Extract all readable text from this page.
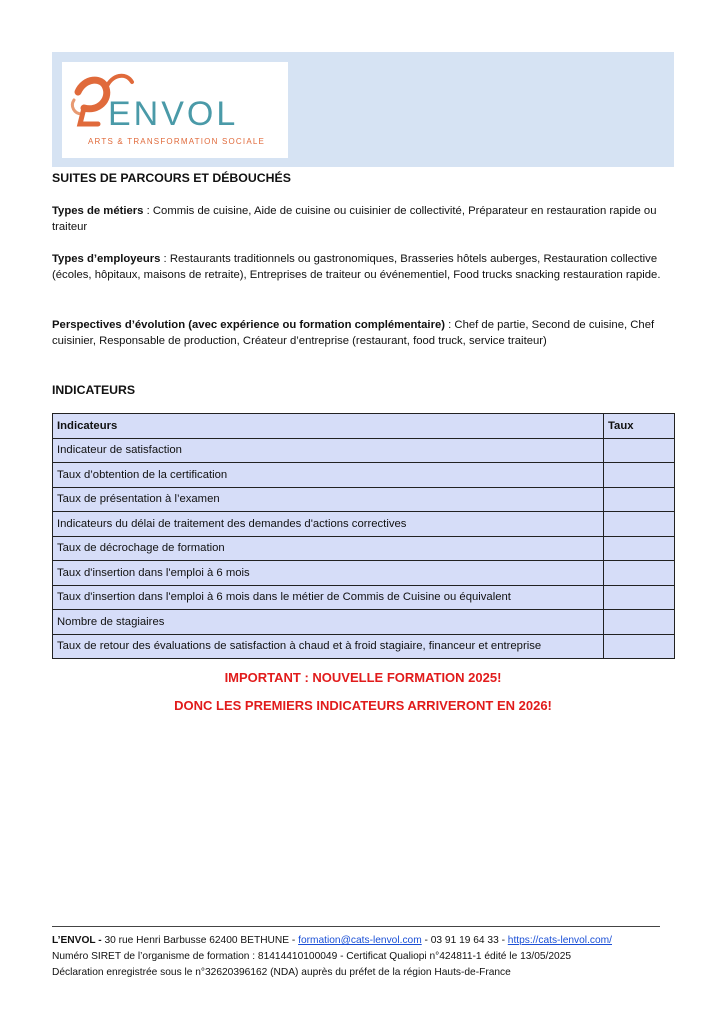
ENVOL
ARTS & TRANSFORMATION SOCIALE

SUITES DE PARCOURS ET DÉBOUCHÉS

Types de métiers : Commis de cuisine, Aide de cuisine ou cuisinier de collectivité, Préparateur en restauration rapide ou traiteur

Types d’employeurs : Restaurants traditionnels ou gastronomiques, Brasseries hôtels auberges, Restauration collective (écoles, hôpitaux, maisons de retraite), Entreprises de traiteur ou événementiel, Food trucks snacking restauration rapide.

Perspectives d’évolution (avec expérience ou formation complémentaire) : Chef de partie, Second de cuisine, Chef cuisinier, Responsable de production, Créateur d’entreprise (restaurant, food truck, service traiteur)

INDICATEURS

Indicateurs	Taux
Indicateur de satisfaction	
Taux d’obtention de la certification	
Taux de présentation à l’examen	
Indicateurs du délai de traitement des demandes d'actions correctives	
Taux de décrochage de formation	
Taux d'insertion dans l'emploi à 6 mois	
Taux d'insertion dans l'emploi à 6 mois dans le métier de Commis de Cuisine ou équivalent	
Nombre de stagiaires	
Taux de retour des évaluations de satisfaction à chaud et à froid stagiaire, financeur et entreprise	
IMPORTANT : NOUVELLE FORMATION 2025!
DONC LES PREMIERS INDICATEURS ARRIVERONT EN 2026!
L’ENVOL - 30 rue Henri Barbusse 62400 BETHUNE - formation@cats-lenvol.com - 03 91 19 64 33 - https://cats-lenvol.com/
Numéro SIRET de l’organisme de formation : 81414410100049 - Certificat Qualiopi n°424811-1 édité le 13/05/2025
Déclaration enregistrée sous le n°32620396162 (NDA) auprès du préfet de la région Hauts-de-France
